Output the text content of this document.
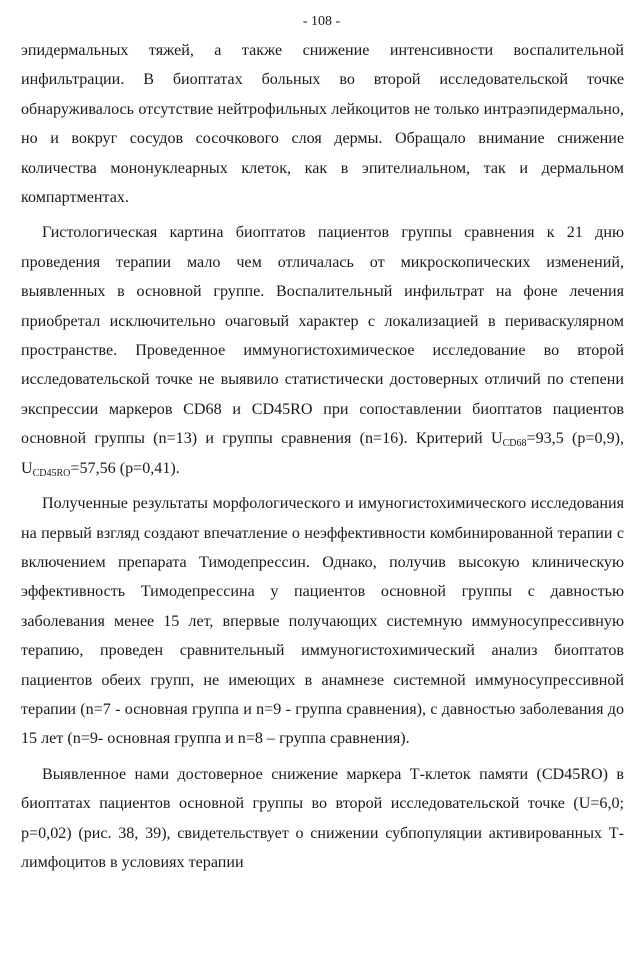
- 108 -

эпидермальных тяжей, а также снижение интенсивности воспалительной инфильтрации. В биоптатах больных во второй исследовательской точке обнаруживалось отсутствие нейтрофильных лейкоцитов не только интраэпидермально, но и вокруг сосудов сосочкового слоя дермы. Обращало внимание снижение количества мононуклеарных клеток, как в эпителиальном, так и дермальном компартментах.

Гистологическая картина биоптатов пациентов группы сравнения к 21 дню проведения терапии мало чем отличалась от микроскопических изменений, выявленных в основной группе. Воспалительный инфильтрат на фоне лечения приобретал исключительно очаговый характер с локализацией в периваскулярном пространстве. Проведенное иммуногистохимическое исследование во второй исследовательской точке не выявило статистически достоверных отличий по степени экспрессии маркеров CD68 и CD45RO при сопоставлении биоптатов пациентов основной группы (n=13) и группы сравнения (n=16). Критерий $U_{CD68}=93,5$ (p=0,9), $U_{CD45RO}=57,56$ (p=0,41).

Полученные результаты морфологического и имуногистохимического исследования на первый взгляд создают впечатление о неэффективности комбинированной терапии с включением препарата Тимодепрессин. Однако, получив высокую клиническую эффективность Тимодепрессина у пациентов основной группы с давностью заболевания менее 15 лет, впервые получающих системную иммуносупрессивную терапию, проведен сравнительный иммуногистохимический анализ биоптатов пациентов обеих групп, не имеющих в анамнезе системной иммуносупрессивной терапии (n=7 - основная группа и n=9 - группа сравнения), с давностью заболевания до 15 лет (n=9- основная группа и n=8 – группа сравнения).

Выявленное нами достоверное снижение маркера Т-клеток памяти (CD45RO) в биоптатах пациентов основной группы во второй исследовательской точке (U=6,0; p=0,02) (рис. 38, 39), свидетельствует о снижении субпопуляции активированных Т-лимфоцитов в условиях терапии
